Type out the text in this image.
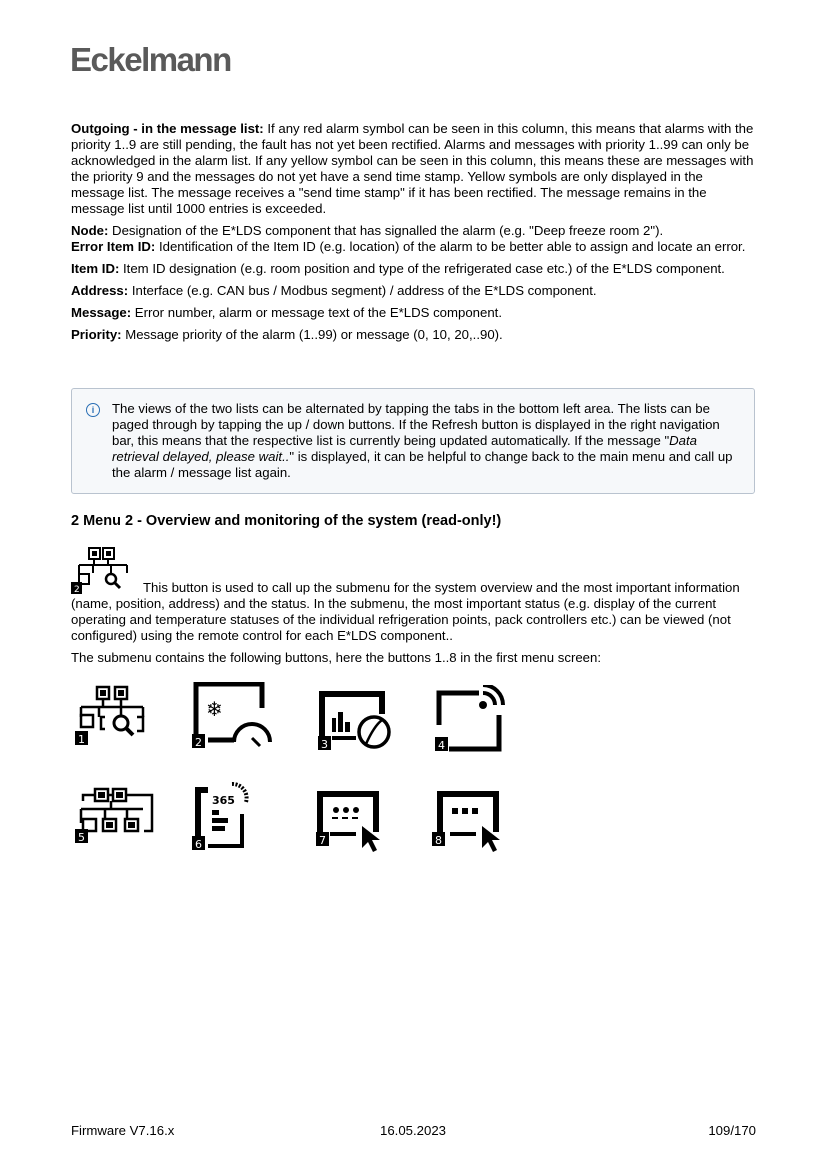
Eckelmann

Outgoing - in the message list: If any red alarm symbol can be seen in this column, this means that alarms with the priority 1..9 are still pending, the fault has not yet been rectified. Alarms and messages with priority 1..99 can only be acknowledged in the alarm list. If any yellow symbol can be seen in this column, this means these are messages with the priority 9 and the messages do not yet have a send time stamp. Yellow symbols are only displayed in the message list. The message receives a "send time stamp" if it has been rectified. The message remains in the message list until 1000 entries is exceeded.

Node: Designation of the E*LDS component that has signalled the alarm (e.g. "Deep freeze room 2").

Error Item ID: Identification of the Item ID (e.g. location) of the alarm to be better able to assign and locate an error.

Item ID: Item ID designation (e.g. room position and type of the refrigerated case etc.) of the E*LDS component.

Address: Interface (e.g. CAN bus / Modbus segment) / address of the E*LDS component.

Message: Error number, alarm or message text of the E*LDS component.

Priority: Message priority of the alarm (1..99) or message (0, 10, 20,..90).

i	The views of the two lists can be alternated by tapping the tabs in the bottom left area. The lists can be paged through by tapping the up / down buttons. If the Refresh button is displayed in the right navigation bar, this means that the respective list is currently being updated automatically. If the message "Data retrieval delayed, please wait.." is displayed, it can be helpful to change back to the main menu and call up the alarm / message list again.
2 Menu 2 - Overview and monitoring of the system (read-only!)
2	This button is used to call up the submenu for the system overview and the most important information (name, position, address) and the status. In the submenu, the most important status (e.g. display of the current operating and temperature statuses of the individual refrigeration points, pack controllers etc.) can be viewed (not configured) using the remote control for each E*LDS component..

The submenu contains the following buttons, here the buttons 1..8 in the first menu screen:

1
❄
2	3	4
5
365
6	7	8
Firmware V7.16.x	16.05.2023	109/170
